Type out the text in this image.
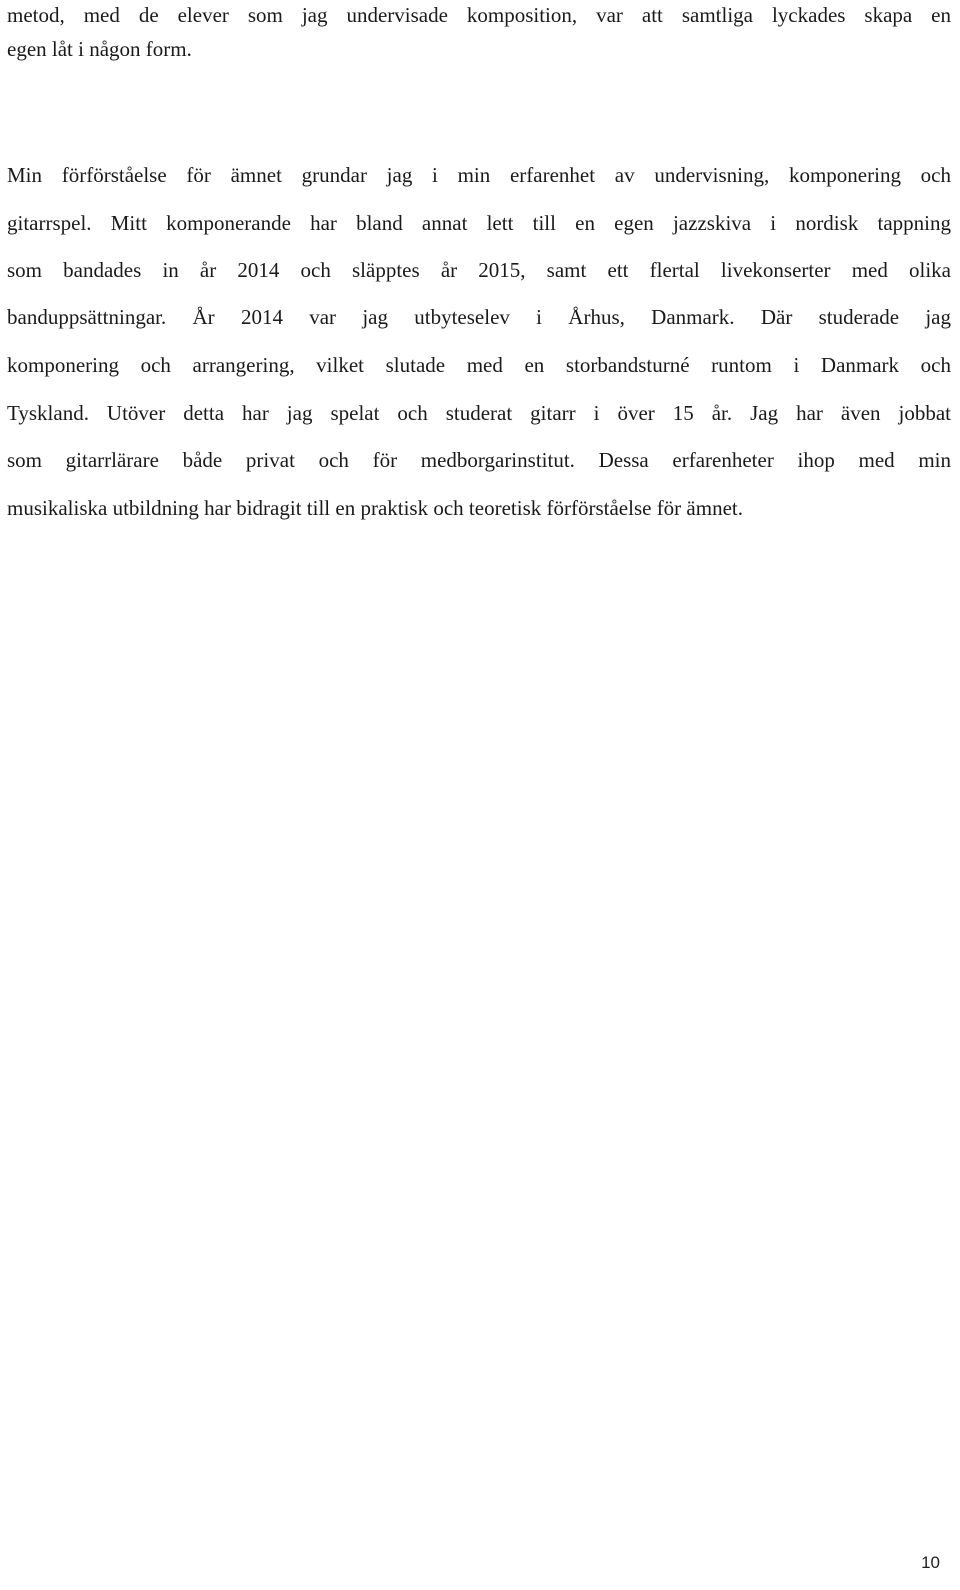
metod, med de elever som jag undervisade komposition, var att samtliga lyckades skapa en

egen låt i någon form.

Min förförståelse för ämnet grundar jag i min erfarenhet av undervisning, komponering och

gitarrspel. Mitt komponerande har bland annat lett till en egen jazzskiva i nordisk tappning

som bandades in år 2014 och släpptes år 2015, samt ett flertal livekonserter med olika

banduppsättningar. År 2014 var jag utbyteselev i Århus, Danmark. Där studerade jag

komponering och arrangering, vilket slutade med en storbandsturné runtom i Danmark och

Tyskland. Utöver detta har jag spelat och studerat gitarr i över 15 år. Jag har även jobbat

som gitarrlärare både privat och för medborgarinstitut. Dessa erfarenheter ihop med min

musikaliska utbildning har bidragit till en praktisk och teoretisk förförståelse för ämnet.

10
